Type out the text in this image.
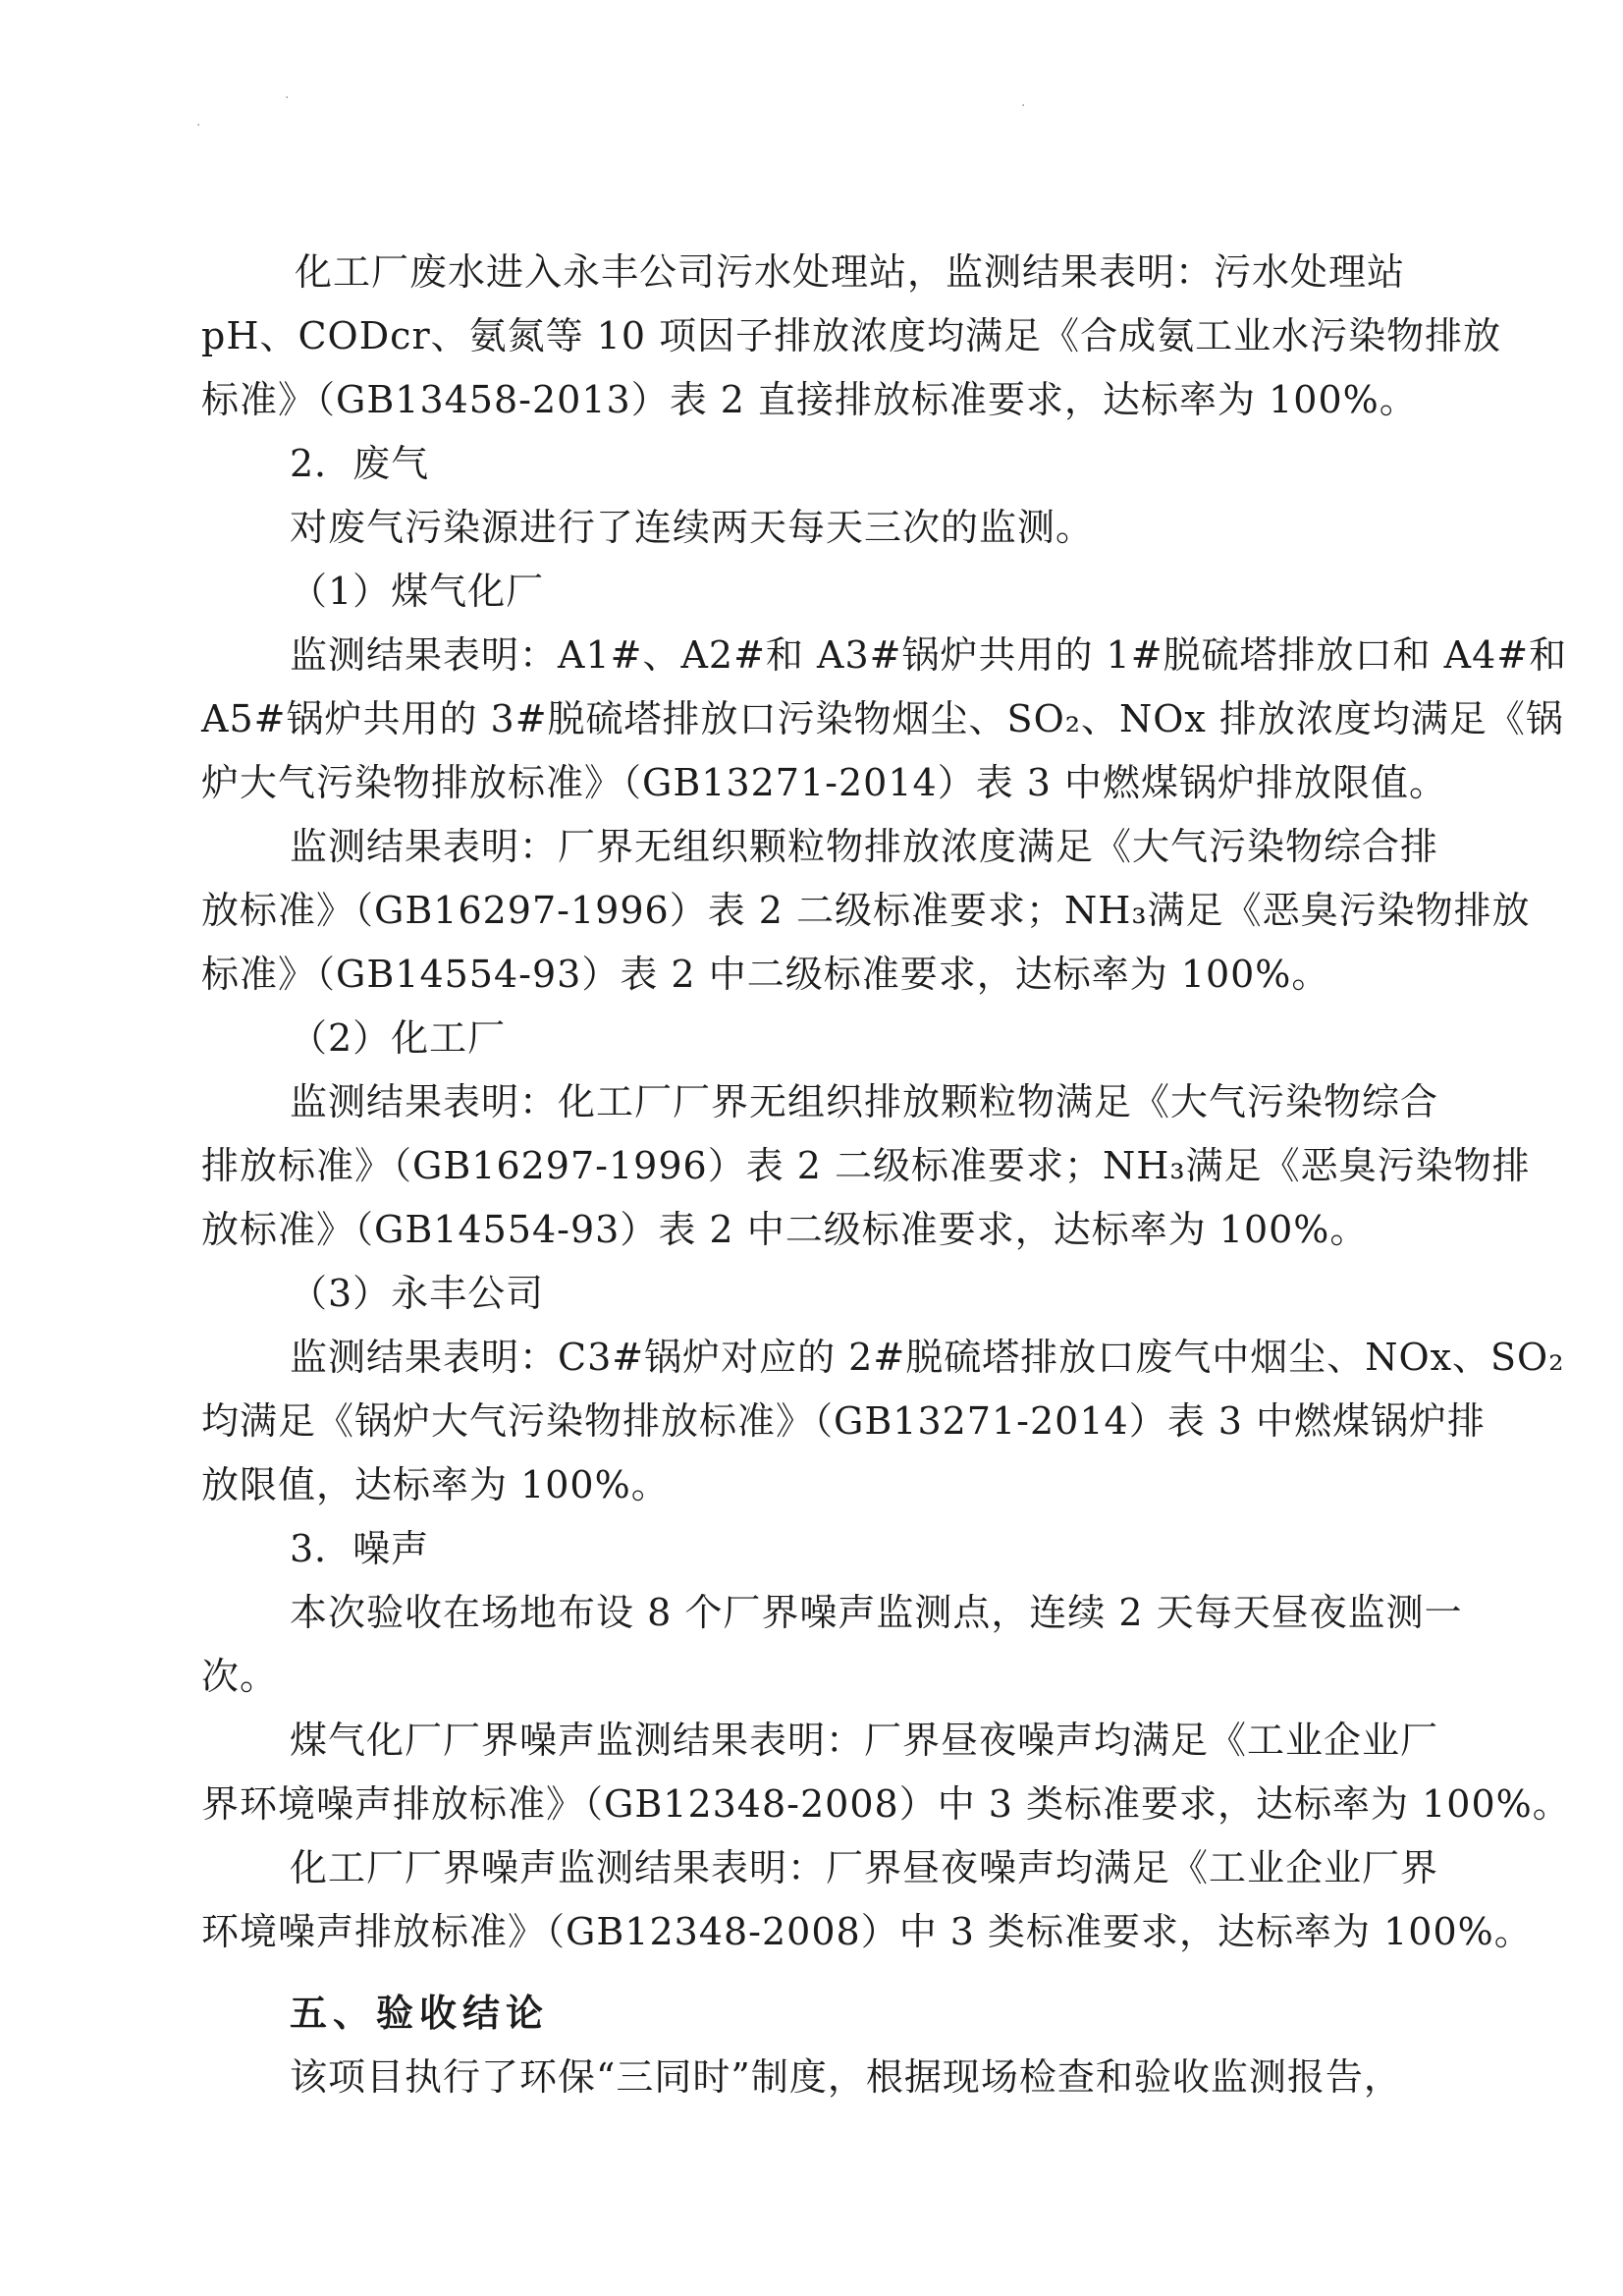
·	·
·
化工厂废水进入永丰公司污水处理站，监测结果表明：污水处理站
pH、CODcr、氨氮等 10 项因子排放浓度均满足《合成氨工业水污染物排放
标准》（GB13458-2013）表 2 直接排放标准要求，达标率为 100%。
2．废气
对废气污染源进行了连续两天每天三次的监测。
（1）煤气化厂
监测结果表明：A1#、A2#和 A3#锅炉共用的 1#脱硫塔排放口和 A4#和
A5#锅炉共用的 3#脱硫塔排放口污染物烟尘、SO₂、NOx 排放浓度均满足《锅
炉大气污染物排放标准》（GB13271-2014）表 3 中燃煤锅炉排放限值。
监测结果表明：厂界无组织颗粒物排放浓度满足《大气污染物综合排
放标准》（GB16297-1996）表 2 二级标准要求；NH₃满足《恶臭污染物排放
标准》（GB14554-93）表 2 中二级标准要求，达标率为 100%。
（2）化工厂
监测结果表明：化工厂厂界无组织排放颗粒物满足《大气污染物综合
排放标准》（GB16297-1996）表 2 二级标准要求；NH₃满足《恶臭污染物排
放标准》（GB14554-93）表 2 中二级标准要求，达标率为 100%。
（3）永丰公司
监测结果表明：C3#锅炉对应的 2#脱硫塔排放口废气中烟尘、NOx、SO₂
均满足《锅炉大气污染物排放标准》（GB13271-2014）表 3 中燃煤锅炉排
放限值，达标率为 100%。
3．噪声
本次验收在场地布设 8 个厂界噪声监测点，连续 2 天每天昼夜监测一
次。
煤气化厂厂界噪声监测结果表明：厂界昼夜噪声均满足《工业企业厂
界环境噪声排放标准》（GB12348-2008）中 3 类标准要求，达标率为 100%。
化工厂厂界噪声监测结果表明：厂界昼夜噪声均满足《工业企业厂界
环境噪声排放标准》（GB12348-2008）中 3 类标准要求，达标率为 100%。
五、验收结论
该项目执行了环保“三同时”制度，根据现场检查和验收监测报告，
